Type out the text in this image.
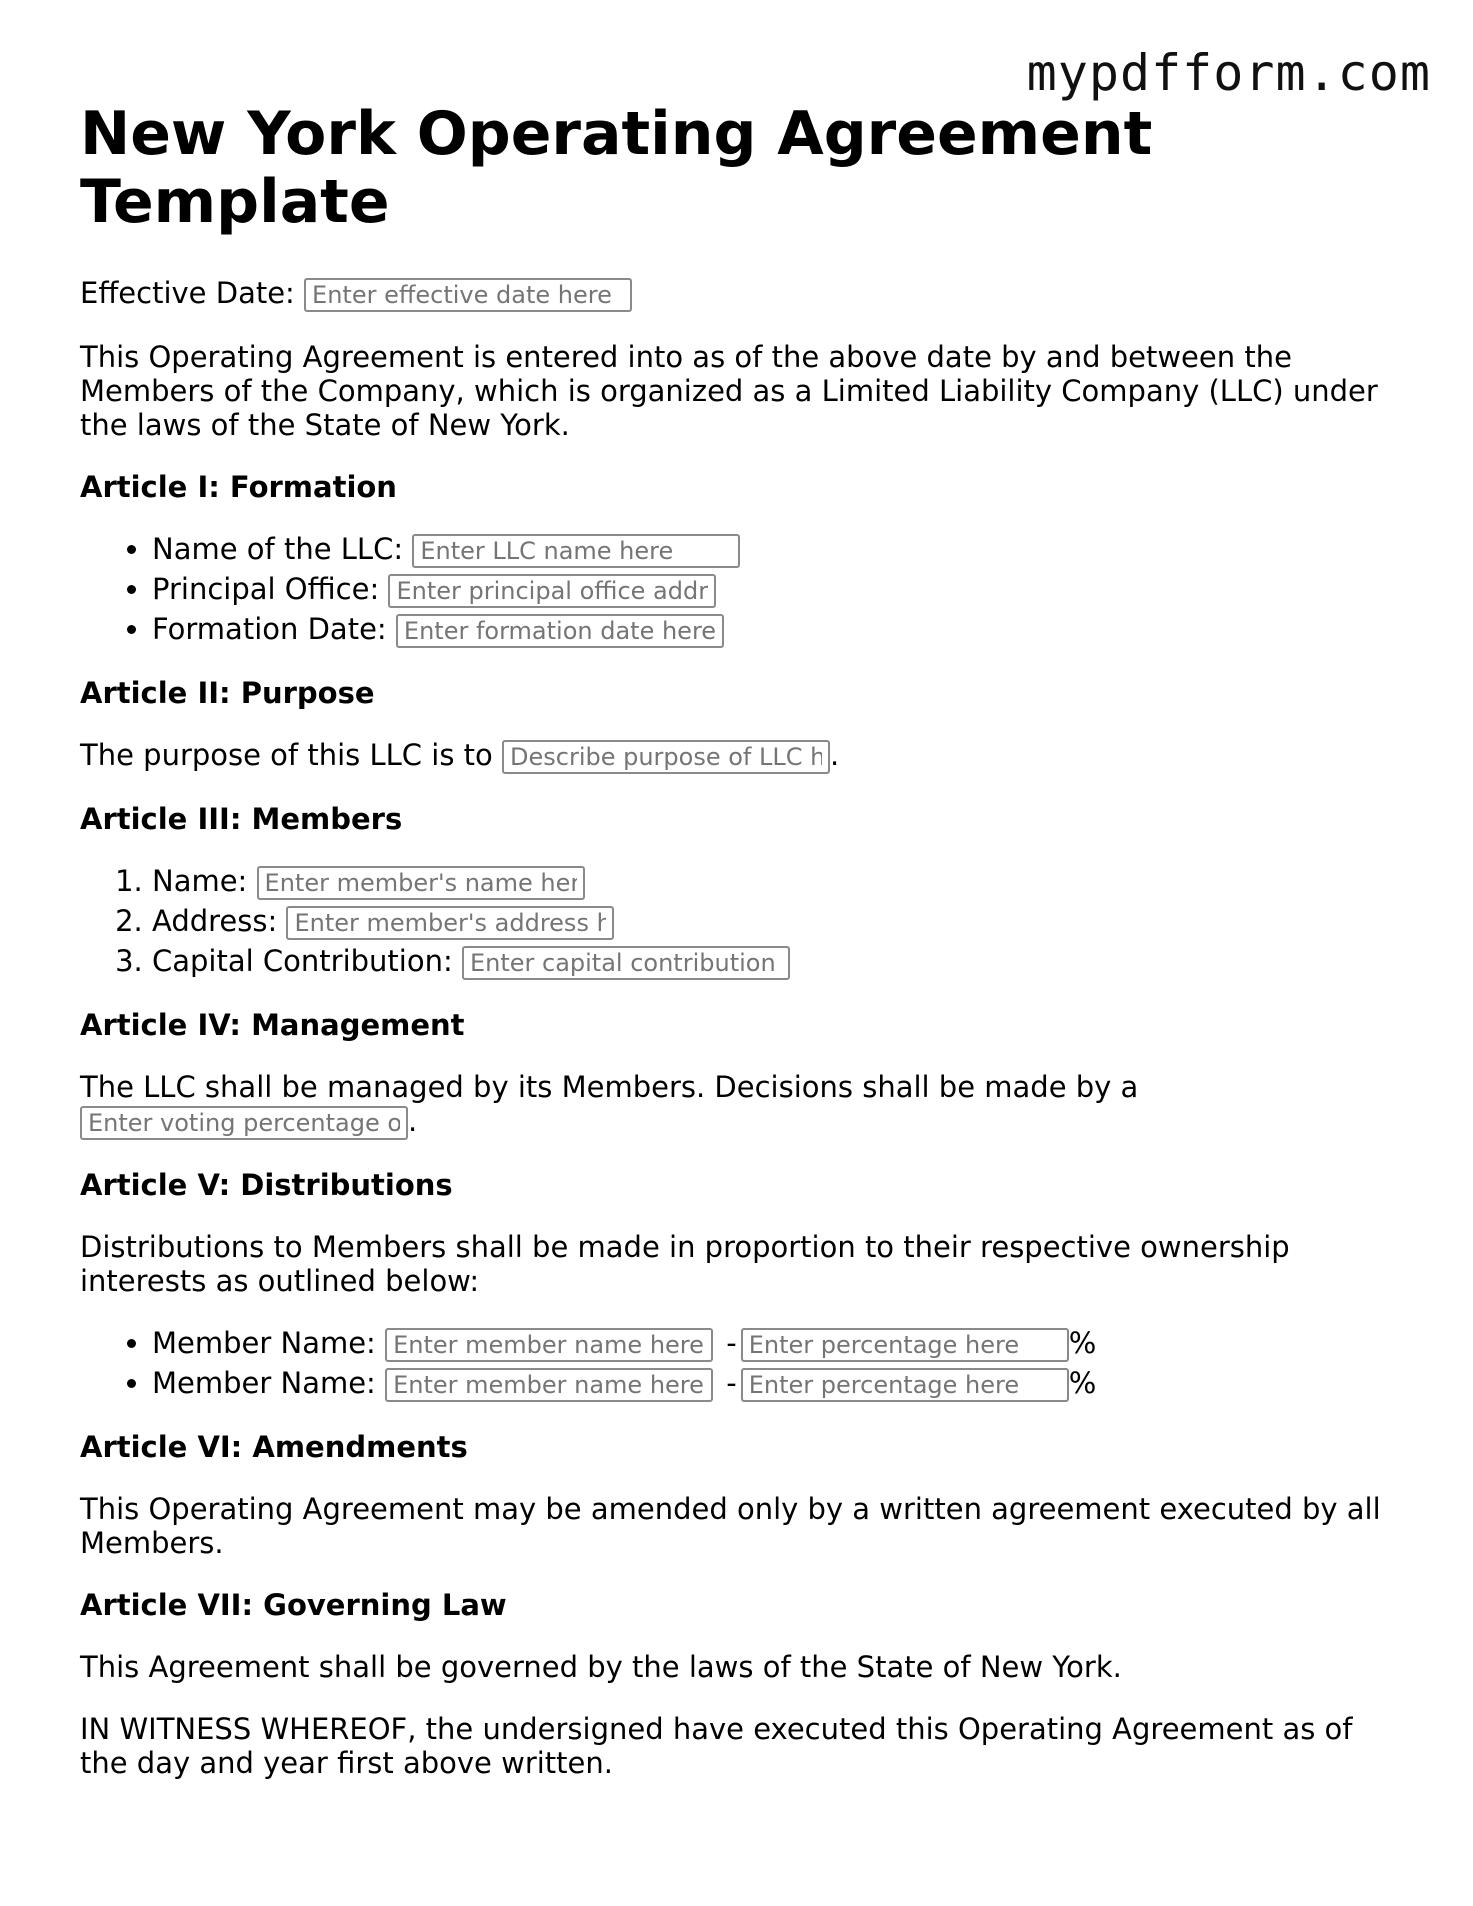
mypdfform.com
New York Operating Agreement Template

Effective Date: Enter effective date here

This Operating Agreement is entered into as of the above date by and between the Members of the Company, which is organized as a Limited Liability Company (LLC) under the laws of the State of New York.

Article I: Formation
• Name of the LLC: Enter LLC name here
• Principal Office: Enter principal office address here
• Formation Date: Enter formation date here
Article II: Purpose

The purpose of this LLC is to Describe purpose of LLC here	.

Article III: Members
1. Name: Enter member's name here
2. Address: Enter member's address here
3. Capital Contribution: Enter capital contribution here
Article IV: Management

The LLC shall be managed by its Members. Decisions shall be made by a Enter voting percentage or method here.

Article V: Distributions

Distributions to Members shall be made in proportion to their respective ownership interests as outlined below:

• Member Name: Enter member name here	-Enter percentage here	%
• Member Name: Enter member name here	-Enter percentage here	%
Article VI: Amendments

This Operating Agreement may be amended only by a written agreement executed by all Members.

Article VII: Governing Law

This Agreement shall be governed by the laws of the State of New York.

IN WITNESS WHEREOF, the undersigned have executed this Operating Agreement as of the day and year first above written.
